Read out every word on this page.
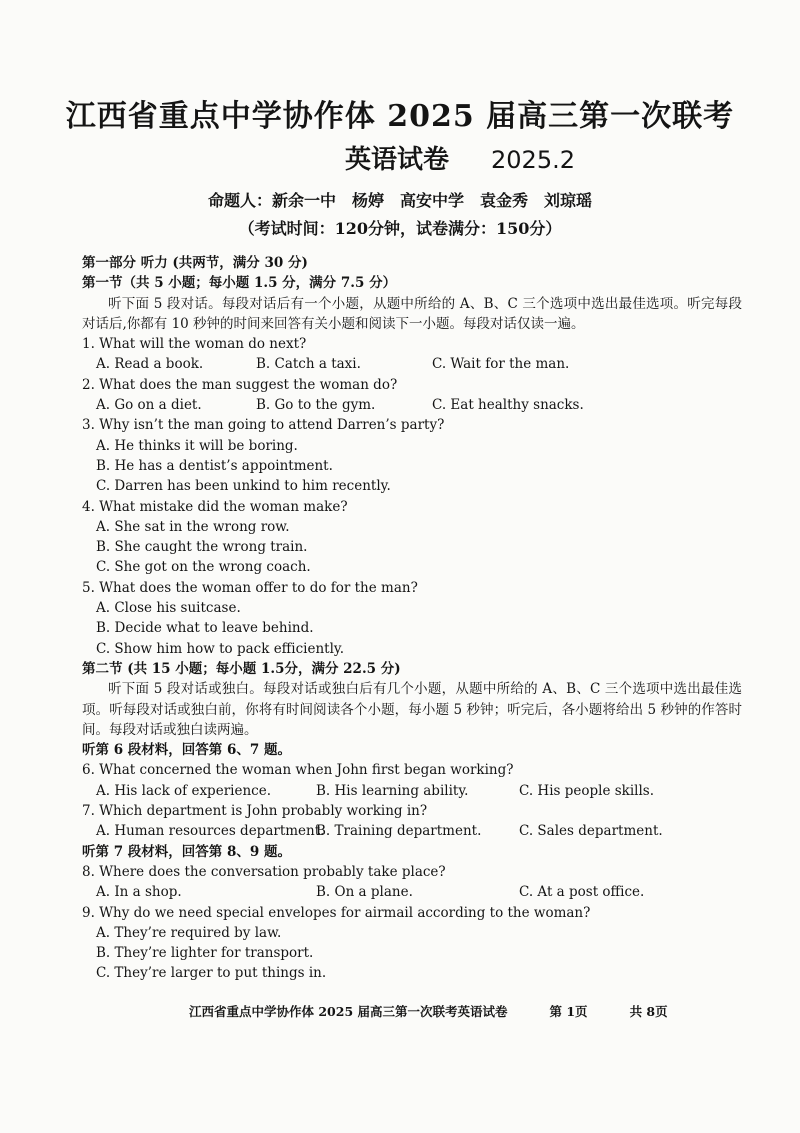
江西省重点中学协作体 2025 届高三第一次联考
英语试卷 2025.2
命题人：新余一中　杨婷　高安中学　袁金秀　刘琼瑶
（考试时间：120分钟，试卷满分：150分）
第一部分 听力 (共两节，满分 30 分)
第一节（共 5 小题；每小题 1.5 分，满分 7.5 分）
听下面 5 段对话。每段对话后有一个小题，从题中所给的 A、B、C 三个选项中选出最佳选项。听完每段对话后,你都有 10 秒钟的时间来回答有关小题和阅读下一小题。每段对话仅读一遍。
1. What will the woman do next?
A. Read a book.	B. Catch a taxi.	C. Wait for the man.
2. What does the man suggest the woman do?
A. Go on a diet.	B. Go to the gym.	C. Eat healthy snacks.
3. Why isn’t the man going to attend Darren’s party?
A. He thinks it will be boring.
B. He has a dentist’s appointment.
C. Darren has been unkind to him recently.
4. What mistake did the woman make?
A. She sat in the wrong row.
B. She caught the wrong train.
C. She got on the wrong coach.
5. What does the woman offer to do for the man?
A. Close his suitcase.
B. Decide what to leave behind.
C. Show him how to pack efficiently.
第二节 (共 15 小题；每小题 1.5分，满分 22.5 分)
听下面 5 段对话或独白。每段对话或独白后有几个小题，从题中所给的 A、B、C 三个选项中选出最佳选项。听每段对话或独白前，你将有时间阅读各个小题，每小题 5 秒钟；听完后，各小题将给出 5 秒钟的作答时间。每段对话或独白读两遍。
听第 6 段材料，回答第 6、7 题。
6. What concerned the woman when John first began working?
A. His lack of experience.	B. His learning ability.	C. His people skills.
7. Which department is John probably working in?
A. Human resources department.
B. Training department.	C. Sales department.
听第 7 段材料，回答第 8、9 题。
8. Where does the conversation probably take place?
A. In a shop.	B. On a plane.	C. At a post office.
9. Why do we need special envelopes for airmail according to the woman?
A. They’re required by law.
B. They’re lighter for transport.
C. They’re larger to put things in.
江西省重点中学协作体 2025 届高三第一次联考英语试卷	第 1页	共 8页
